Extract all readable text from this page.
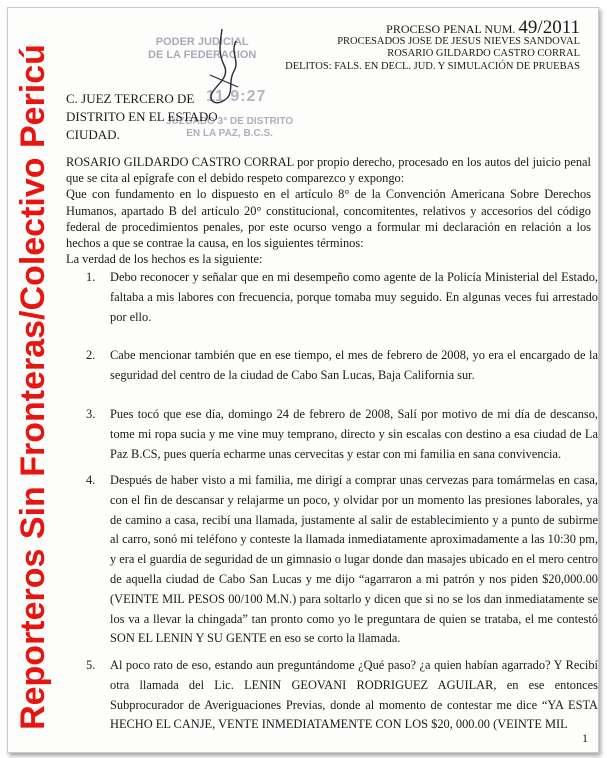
Reporteros Sin Fronteras/Colectivo Pericú
PODER JUDICIAL
DE LA FEDERACION
11 9:27
JUZGADO 3° DE DISTRITO
EN LA PAZ, B.C.S.
PROCESO PENAL NUM. 49/2011
PROCESADOS JOSE DE JESUS NIEVES SANDOVAL
ROSARIO GILDARDO CASTRO CORRAL
DELITOS: FALS. EN DECL. JUD. Y SIMULACIÓN DE PRUEBAS
C. JUEZ TERCERO DE
DISTRITO EN EL ESTADO
CIUDAD.

ROSARIO GILDARDO CASTRO CORRAL por propio derecho, procesado en los autos del juicio penal que se cita al epígrafe con el debido respeto comparezco y expongo:

Que con fundamento en lo dispuesto en el artículo 8° de la Convención Americana Sobre Derechos Humanos, apartado B del artículo 20° constitucional, concomitentes, relativos y accesorios del código federal de procedimientos penales, por este ocurso vengo a formular mi declaración en relación a los hechos a que se contrae la causa, en los siguientes términos:

La verdad de los hechos es la siguiente:

1. Debo reconocer y señalar que en mi desempeño como agente de la Policía Ministerial del Estado, faltaba a mis labores con frecuencia, porque tomaba muy seguido. En algunas veces fui arrestado por ello.
2. Cabe mencionar también que en ese tiempo, el mes de febrero de 2008, yo era el encargado de la seguridad del centro de la ciudad de Cabo San Lucas, Baja California sur.
3. Pues tocó que ese día, domingo 24 de febrero de 2008, Salí por motivo de mi día de descanso, tome mi ropa sucia y me vine muy temprano, directo y sin escalas con destino a esa ciudad de La Paz B.CS, pues quería echarme unas cervecitas y estar con mi familia en sana convivencia.
4. Después de haber visto a mi familia, me dirigí a comprar unas cervezas para tomármelas en casa, con el fin de descansar y relajarme un poco, y olvidar por un momento las presiones laborales, ya de camino a casa, recibí una llamada, justamente al salir de establecimiento y a punto de subirme al carro, sonó mi teléfono y conteste la llamada inmediatamente aproximadamente a las 10:30 pm, y era el guardia de seguridad de un gimnasio o lugar donde dan masajes ubicado en el mero centro de aquella ciudad de Cabo San Lucas y me dijo “agarraron a mi patrón y nos piden $20,000.00 (VEINTE MIL PESOS 00/100 M.N.) para soltarlo y dicen que si no se los dan inmediatamente se los va a llevar la chingada” tan pronto como yo le preguntara de quien se trataba, el me contestó SON EL LENIN Y SU GENTE en eso se corto la llamada.
5. Al poco rato de eso, estando aun preguntándome ¿Qué paso? ¿a quien habían agarrado? Y Recibí otra llamada del Lic. LENIN GEOVANI RODRIGUEZ AGUILAR, en ese entonces Subprocurador de Averiguaciones Previas, donde al momento de contestar me dice “YA ESTA HECHO EL CANJE, VENTE INMEDIATAMENTE CON LOS $20, 000.00 (VEINTE MIL
1
